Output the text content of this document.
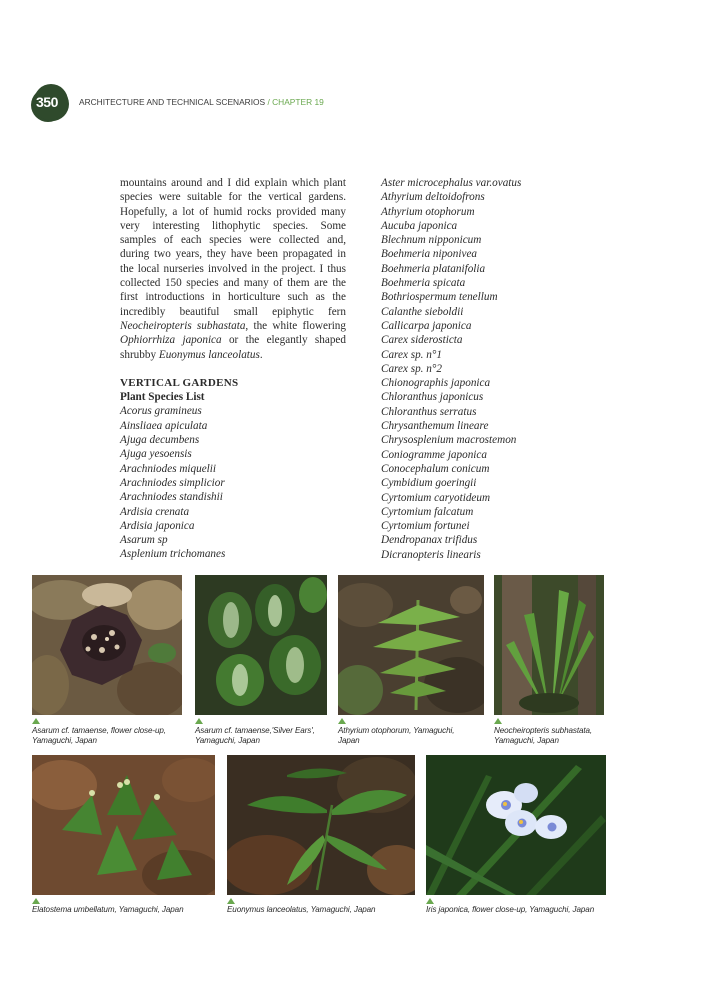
350	ARCHITECTURE AND TECHNICAL SCENARIOS / CHAPTER 19

mountains around and I did explain which plant species were suitable for the vertical gardens. Hopefully, a lot of humid rocks provided many very interesting lithophytic species. Some samples of each species were collected and, during two years, they have been propagated in the local nurseries involved in the project. I thus collected 150 species and many of them are the first introductions in horticulture such as the incredibly beautiful small epiphytic fern Neocheiropteris subhastata, the white flowering Ophiorrhiza japonica or the elegantly shaped shrubby Euonymus lanceolatus.

VERTICAL GARDENS
Plant Species List
Acorus gramineus
Ainsliaea apiculata
Ajuga decumbens
Ajuga yesoensis
Arachniodes miquelii
Arachniodes simplicior
Arachniodes standishii
Ardisia crenata
Ardisia japonica
Asarum sp
Asplenium trichomanes
Aster microcephalus var.ovatus
Athyrium deltoidofrons
Athyrium otophorum
Aucuba japonica
Blechnum nipponicum
Boehmeria niponivea
Boehmeria platanifolia
Boehmeria spicata
Bothriospermum tenellum
Calanthe sieboldii
Callicarpa japonica
Carex siderosticta
Carex sp. n°1
Carex sp. n°2
Chionographis japonica
Chloranthus japonicus
Chloranthus serratus
Chrysanthemum lineare
Chrysosplenium macrostemon
Coniogramme japonica
Conocephalum conicum
Cymbidium goeringii
Cyrtomium caryotideum
Cyrtomium falcatum
Cyrtomium fortunei
Dendropanax trifidus
Dicranopteris linearis
Asarum cf. tamaense, flower close-up,
Yamaguchi, Japan
Asarum cf. tamaense,'Silver Ears',
Yamaguchi, Japan
Athyrium otophorum, Yamaguchi,
Japan
Neocheiropteris subhastata,
Yamaguchi, Japan
Elatostema umbellatum, Yamaguchi, Japan	Euonymus lanceolatus, Yamaguchi, Japan	Iris japonica, flower close-up, Yamaguchi, Japan
